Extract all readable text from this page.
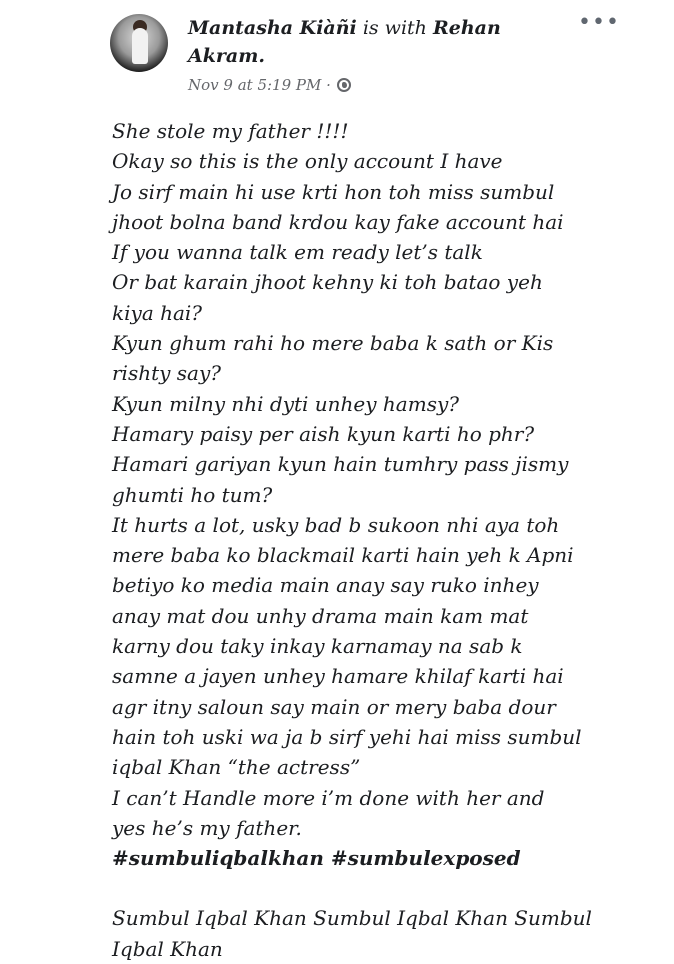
Mantasha Kiàñi is with Rehan Akram.
Nov 9 at 5:19 PM ·
•••
She stole my father !!!!
Okay so this is the only account I have
Jo sirf main hi use krti hon toh miss sumbul
jhoot bolna band krdou kay fake account hai
If you wanna talk em ready let’s talk
Or bat karain jhoot kehny ki toh batao yeh
kiya hai?
Kyun ghum rahi ho mere baba k sath or Kis
rishty say?
Kyun milny nhi dyti unhey hamsy?
Hamary paisy per aish kyun karti ho phr?
Hamari gariyan kyun hain tumhry pass jismy
ghumti ho tum?
It hurts a lot, usky bad b sukoon nhi aya toh
mere baba ko blackmail karti hain yeh k Apni
betiyo ko media main anay say ruko inhey
anay mat dou unhy drama main kam mat
karny dou taky inkay karnamay na sab k
samne a jayen unhey hamare khilaf karti hai
agr itny saloun say main or mery baba dour
hain toh uski wa ja b sirf yehi hai miss sumbul
iqbal Khan “the actress”
I can’t Handle more i’m done with her and
yes he’s my father.
#sumbuliqbalkhan #sumbulexposed
Sumbul Iqbal Khan Sumbul Iqbal Khan Sumbul
Iqbal Khan
